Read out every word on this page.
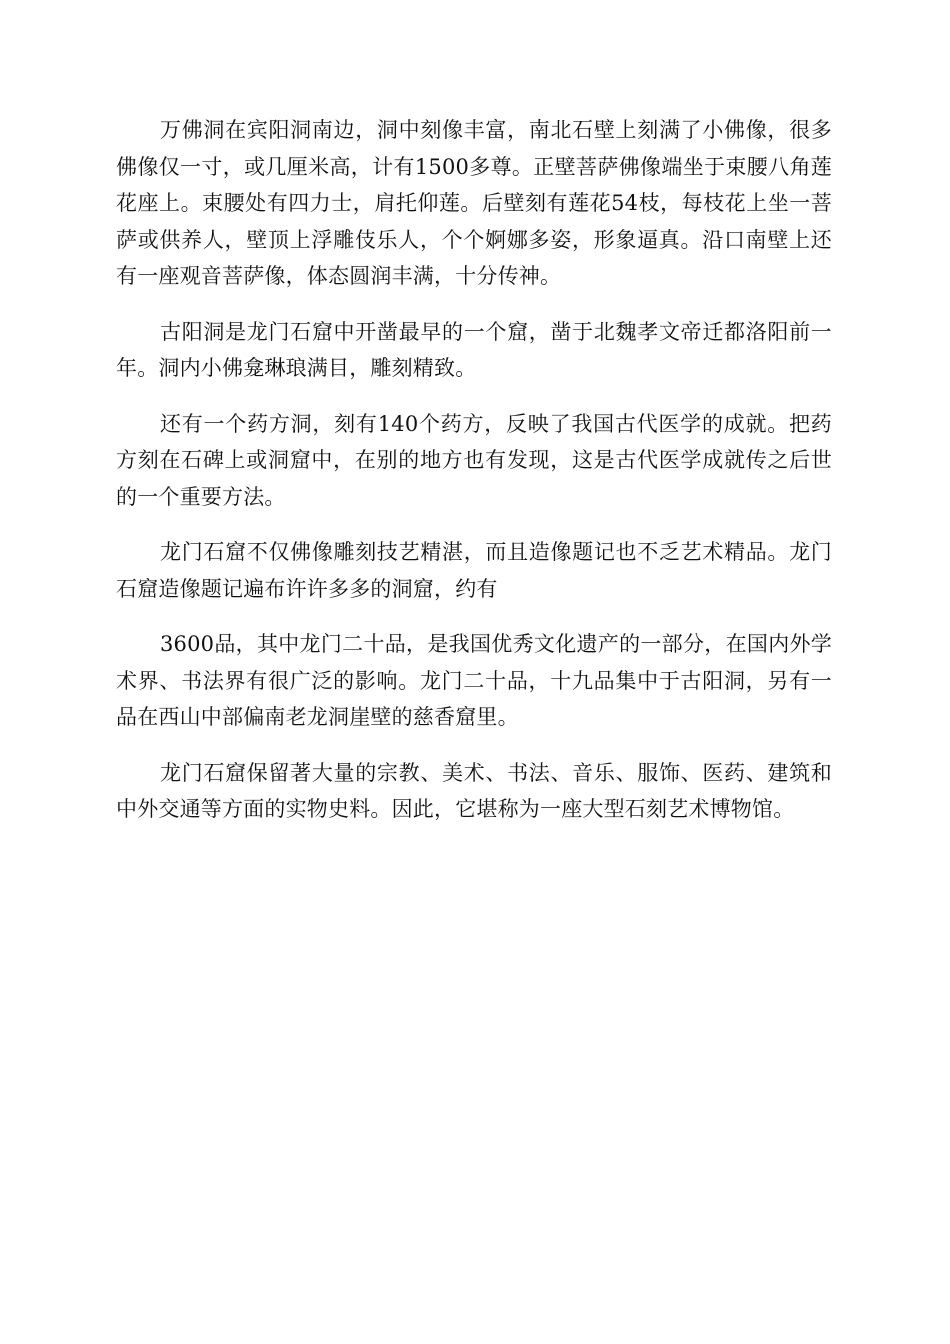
万佛洞在宾阳洞南边，洞中刻像丰富，南北石壁上刻满了小佛像，很多佛像仅一寸，或几厘米高，计有1500多尊。正壁菩萨佛像端坐于束腰八角莲花座上。束腰处有四力士，肩托仰莲。后壁刻有莲花54枝，每枝花上坐一菩萨或供养人，壁顶上浮雕伎乐人，个个婀娜多姿，形象逼真。沿口南壁上还有一座观音菩萨像，体态圆润丰满，十分传神。

古阳洞是龙门石窟中开凿最早的一个窟，凿于北魏孝文帝迁都洛阳前一年。洞内小佛龛琳琅满目，雕刻精致。

还有一个药方洞，刻有140个药方，反映了我国古代医学的成就。把药方刻在石碑上或洞窟中，在别的地方也有发现，这是古代医学成就传之后世的一个重要方法。

龙门石窟不仅佛像雕刻技艺精湛，而且造像题记也不乏艺术精品。龙门石窟造像题记遍布许许多多的洞窟，约有

3600品，其中龙门二十品，是我国优秀文化遗产的一部分，在国内外学术界、书法界有很广泛的影响。龙门二十品，十九品集中于古阳洞，另有一品在西山中部偏南老龙洞崖壁的慈香窟里。

龙门石窟保留著大量的宗教、美术、书法、音乐、服饰、医药、建筑和中外交通等方面的实物史料。因此，它堪称为一座大型石刻艺术博物馆。
